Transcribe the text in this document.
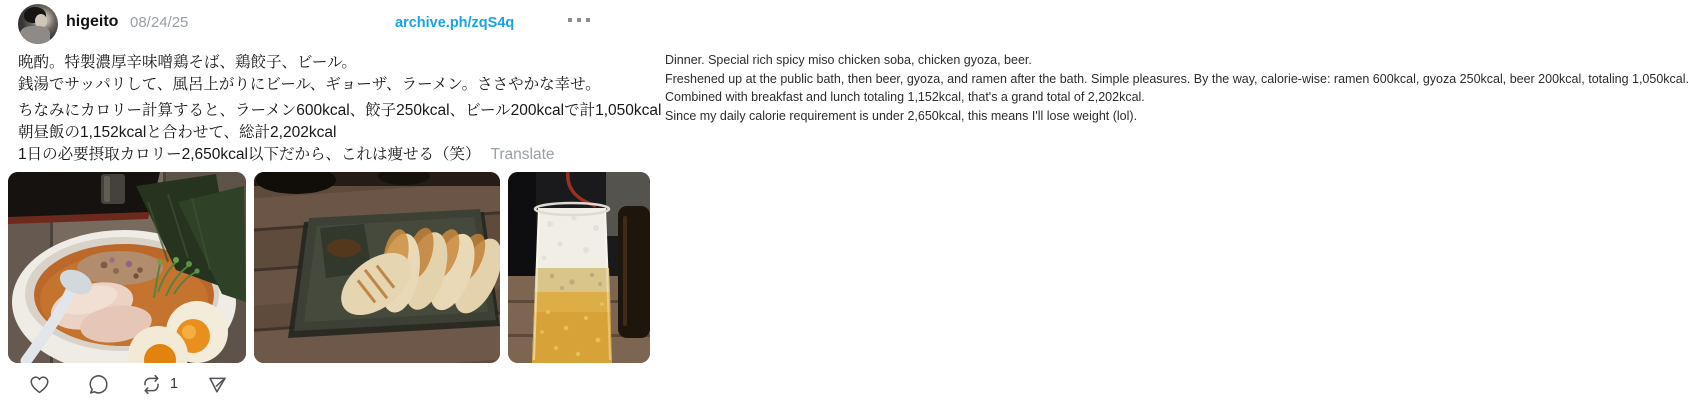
higeito 08/24/25	archive.ph/zqS4q
晩酌。特製濃厚辛味噌鶏そば、鶏餃子、ビール。
銭湯でサッパリして、風呂上がりにビール、ギョーザ、ラーメン。ささやかな幸せ。
ちなみにカロリー計算すると、ラーメン600kcal、餃子250kcal、ビール200kcalで計1,050kcal
朝昼飯の1,152kcalと合わせて、総計2,202kcal
1日の必要摂取カロリー2,650kcal以下だから、これは痩せる（笑） Translate
1
Dinner. Special rich spicy miso chicken soba, chicken gyoza, beer.
Freshened up at the public bath, then beer, gyoza, and ramen after the bath. Simple pleasures. By the way, calorie-wise: ramen 600kcal, gyoza 250kcal, beer 200kcal, totaling 1,050kcal.
Combined with breakfast and lunch totaling 1,152kcal, that's a grand total of 2,202kcal.
Since my daily calorie requirement is under 2,650kcal, this means I'll lose weight (lol).
